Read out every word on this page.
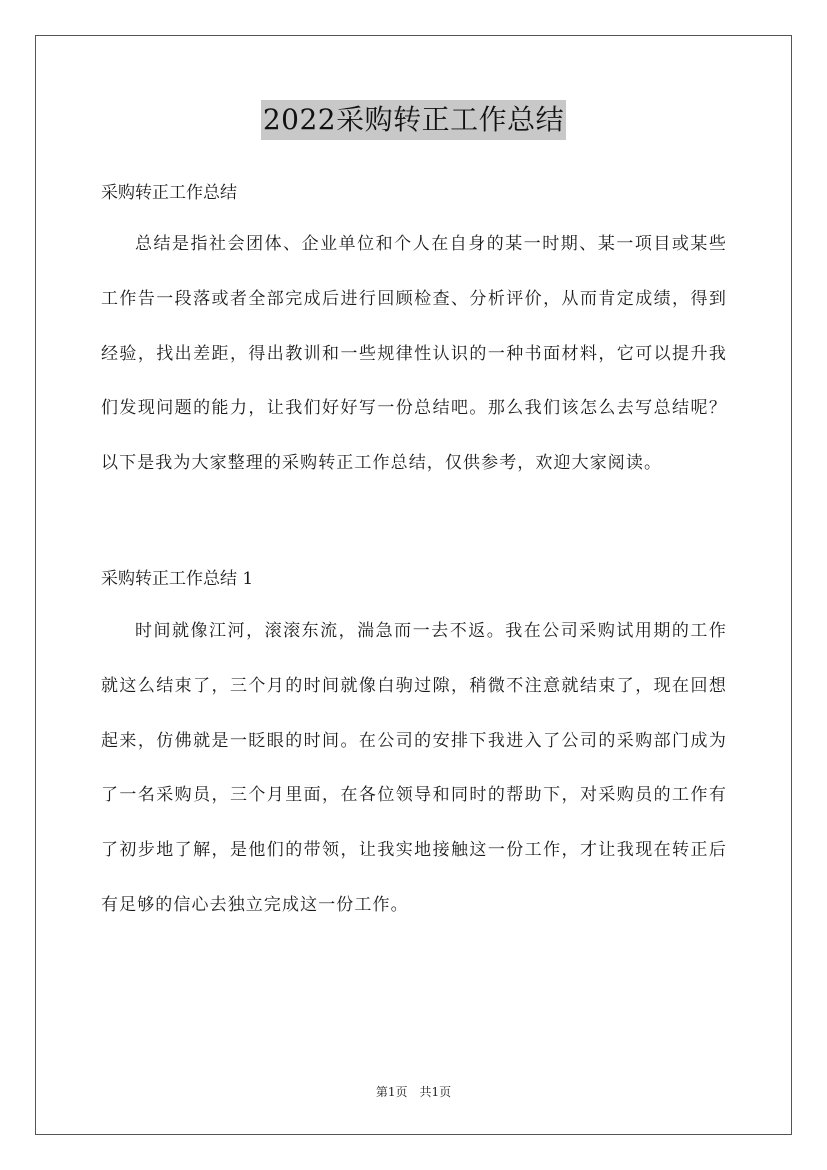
2022采购转正工作总结

采购转正工作总结

总结是指社会团体、企业单位和个人在自身的某一时期、某一项目或某些工作告一段落或者全部完成后进行回顾检查、分析评价，从而肯定成绩，得到经验，找出差距，得出教训和一些规律性认识的一种书面材料，它可以提升我们发现问题的能力，让我们好好写一份总结吧。那么我们该怎么去写总结呢？以下是我为大家整理的采购转正工作总结，仅供参考，欢迎大家阅读。

采购转正工作总结 1

时间就像江河，滚滚东流，湍急而一去不返。我在公司采购试用期的工作就这么结束了，三个月的时间就像白驹过隙，稍微不注意就结束了，现在回想起来，仿佛就是一眨眼的时间。在公司的安排下我进入了公司的采购部门成为了一名采购员，三个月里面，在各位领导和同时的帮助下，对采购员的工作有了初步地了解，是他们的带领，让我实地接触这一份工作，才让我现在转正后有足够的信心去独立完成这一份工作。

第1页　共1页
